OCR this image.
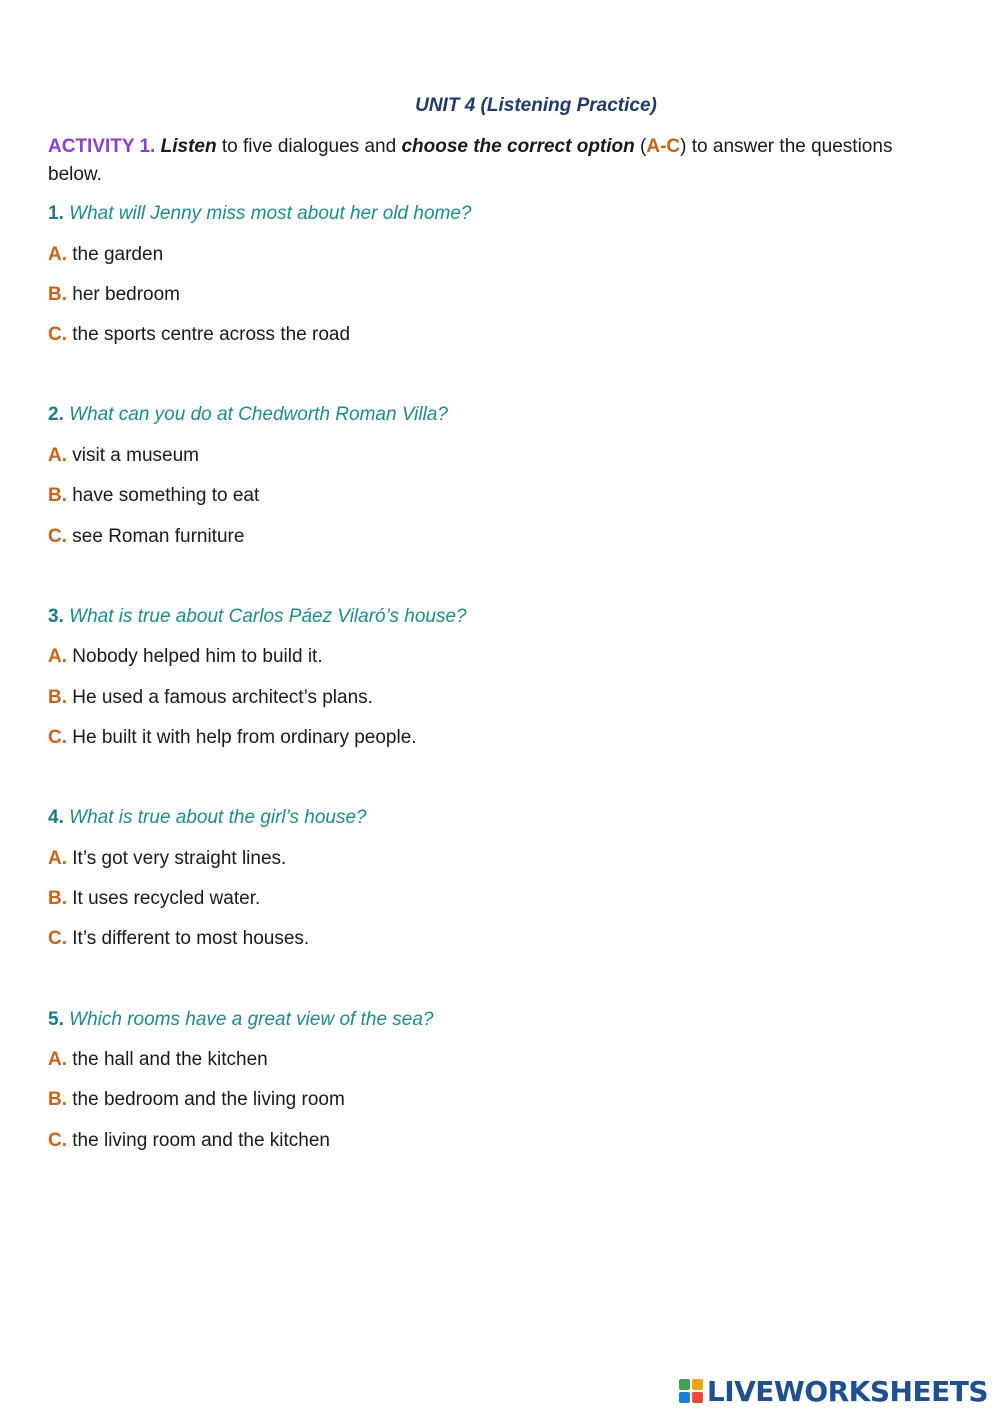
UNIT 4 (Listening Practice)
ACTIVITY 1. Listen to five dialogues and choose the correct option (A-C) to answer the questions below.
1. What will Jenny miss most about her old home?
A. the garden
B. her bedroom
C. the sports centre across the road
2. What can you do at Chedworth Roman Villa?
A. visit a museum
B. have something to eat
C. see Roman furniture
3. What is true about Carlos Páez Vilaró’s house?
A. Nobody helped him to build it.
B. He used a famous architect’s plans.
C. He built it with help from ordinary people.
4. What is true about the girl’s house?
A. It’s got very straight lines.
B. It uses recycled water.
C. It’s different to most houses.
5. Which rooms have a great view of the sea?
A. the hall and the kitchen
B. the bedroom and the living room
C. the living room and the kitchen
LIVEWORKSHEETS
